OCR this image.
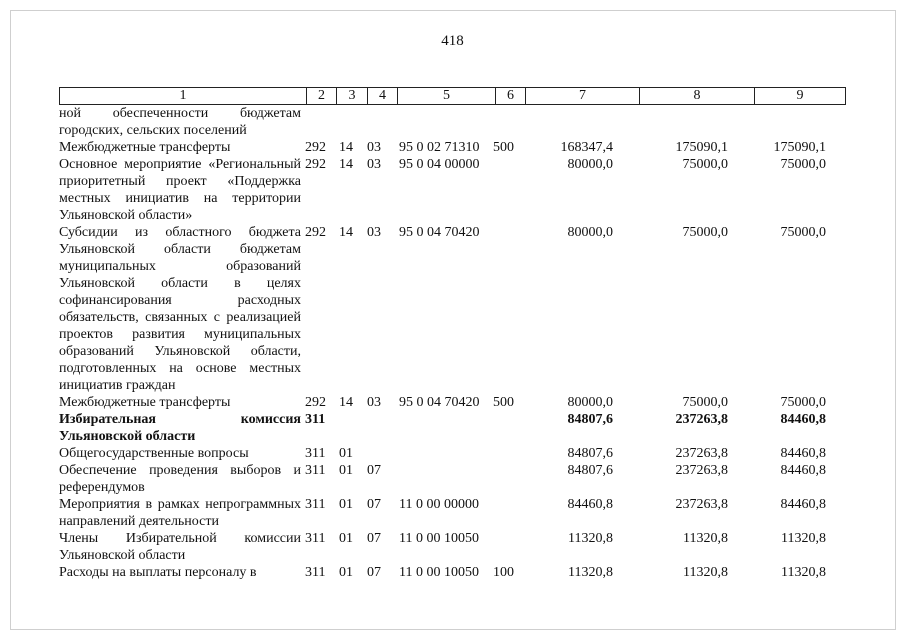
418
1	2	3	4	5	6	7	8	9
ной обеспеченности бюджетам городских, сельских поселений
Межбюджетные трансферты	292 14 03 95 0 02 71310 500	168347,4	175090,1	175090,1
Основное мероприятие «Региональный приоритетный проект «Поддержка местных инициатив на территории Ульяновской области»
292 14 03 95 0 04 00000	80000,0	75000,0	75000,0
Субсидии из областного бюджета Ульяновской области бюджетам муниципальных образований Ульяновской области в целях софинансирования расходных обязательств, связанных с реализацией проектов развития муниципальных образований Ульяновской области, подготовленных на основе местных инициатив граждан
292 14 03 95 0 04 70420	80000,0	75000,0	75000,0
Межбюджетные трансферты	292 14 03 95 0 04 70420 500	80000,0	75000,0	75000,0
Избирательная комиссия Ульяновской области
311	84807,6	237263,8	84460,8
Общегосударственные вопросы	311 01	84807,6	237263,8	84460,8
Обеспечение проведения выборов и референдумов
311 01 07	84807,6	237263,8	84460,8
Мероприятия в рамках непрограммных направлений деятельности
311 01 07 11 0 00 00000	84460,8	237263,8	84460,8
Члены Избирательной комиссии Ульяновской области
311 01 07 11 0 00 10050	11320,8	11320,8	11320,8
Расходы на выплаты персоналу в	311 01 07 11 0 00 10050 100	11320,8	11320,8	11320,8
